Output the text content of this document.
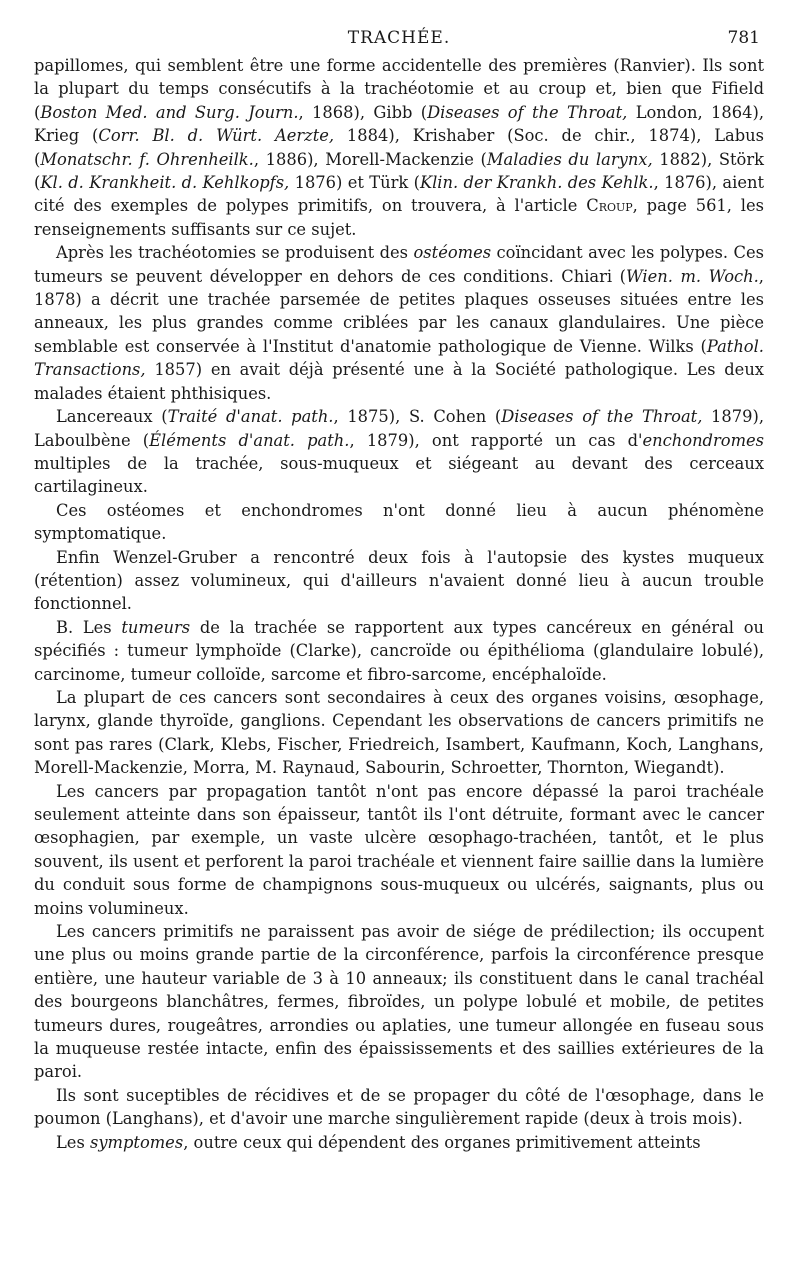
TRACHÉE.	781

papillomes, qui semblent être une forme accidentelle des premières (Ranvier). Ils sont la plupart du temps consécutifs à la trachéotomie et au croup et, bien que Fifield (Boston Med. and Surg. Journ., 1868), Gibb (Diseases of the Throat, London, 1864), Krieg (Corr. Bl. d. Würt. Aerzte, 1884), Krishaber (Soc. de chir., 1874), Labus (Monatschr. f. Ohrenheilk., 1886), Morell-Mackenzie (Maladies du larynx, 1882), Störk (Kl. d. Krankheit. d. Kehlkopfs, 1876) et Türk (Klin. der Krankh. des Kehlk., 1876), aient cité des exemples de polypes primitifs, on trouvera, à l'article Croup, page 561, les renseignements suffisants sur ce sujet.

Après les trachéotomies se produisent des ostéomes coïncidant avec les polypes. Ces tumeurs se peuvent développer en dehors de ces conditions. Chiari (Wien. m. Woch., 1878) a décrit une trachée parsemée de petites plaques osseuses situées entre les anneaux, les plus grandes comme criblées par les canaux glandulaires. Une pièce semblable est conservée à l'Institut d'anatomie pathologique de Vienne. Wilks (Pathol. Transactions, 1857) en avait déjà présenté une à la Société pathologique. Les deux malades étaient phthisiques.

Lancereaux (Traité d'anat. path., 1875), S. Cohen (Diseases of the Throat, 1879), Laboulbène (Éléments d'anat. path., 1879), ont rapporté un cas d'enchondromes multiples de la trachée, sous-muqueux et siégeant au devant des cerceaux cartilagineux.

Ces ostéomes et enchondromes n'ont donné lieu à aucun phénomène symptomatique.

Enfin Wenzel-Gruber a rencontré deux fois à l'autopsie des kystes muqueux (rétention) assez volumineux, qui d'ailleurs n'avaient donné lieu à aucun trouble fonctionnel.

B. Les tumeurs de la trachée se rapportent aux types cancéreux en général ou spécifiés : tumeur lymphoïde (Clarke), cancroïde ou épithélioma (glandulaire lobulé), carcinome, tumeur colloïde, sarcome et fibro-sarcome, encéphaloïde.

La plupart de ces cancers sont secondaires à ceux des organes voisins, œsophage, larynx, glande thyroïde, ganglions. Cependant les observations de cancers primitifs ne sont pas rares (Clark, Klebs, Fischer, Friedreich, Isambert, Kaufmann, Koch, Langhans, Morell-Mackenzie, Morra, M. Raynaud, Sabourin, Schroetter, Thornton, Wiegandt).

Les cancers par propagation tantôt n'ont pas encore dépassé la paroi trachéale seulement atteinte dans son épaisseur, tantôt ils l'ont détruite, formant avec le cancer œsophagien, par exemple, un vaste ulcère œsophago-trachéen, tantôt, et le plus souvent, ils usent et perforent la paroi trachéale et viennent faire saillie dans la lumière du conduit sous forme de champignons sous-muqueux ou ulcérés, saignants, plus ou moins volumineux.

Les cancers primitifs ne paraissent pas avoir de siége de prédilection; ils occupent une plus ou moins grande partie de la circonférence, parfois la circonférence presque entière, une hauteur variable de 3 à 10 anneaux; ils constituent dans le canal trachéal des bourgeons blanchâtres, fermes, fibroïdes, un polype lobulé et mobile, de petites tumeurs dures, rougeâtres, arrondies ou aplaties, une tumeur allongée en fuseau sous la muqueuse restée intacte, enfin des épaississements et des saillies extérieures de la paroi.

Ils sont suceptibles de récidives et de se propager du côté de l'œsophage, dans le poumon (Langhans), et d'avoir une marche singulièrement rapide (deux à trois mois).

Les symptomes, outre ceux qui dépendent des organes primitivement atteints
